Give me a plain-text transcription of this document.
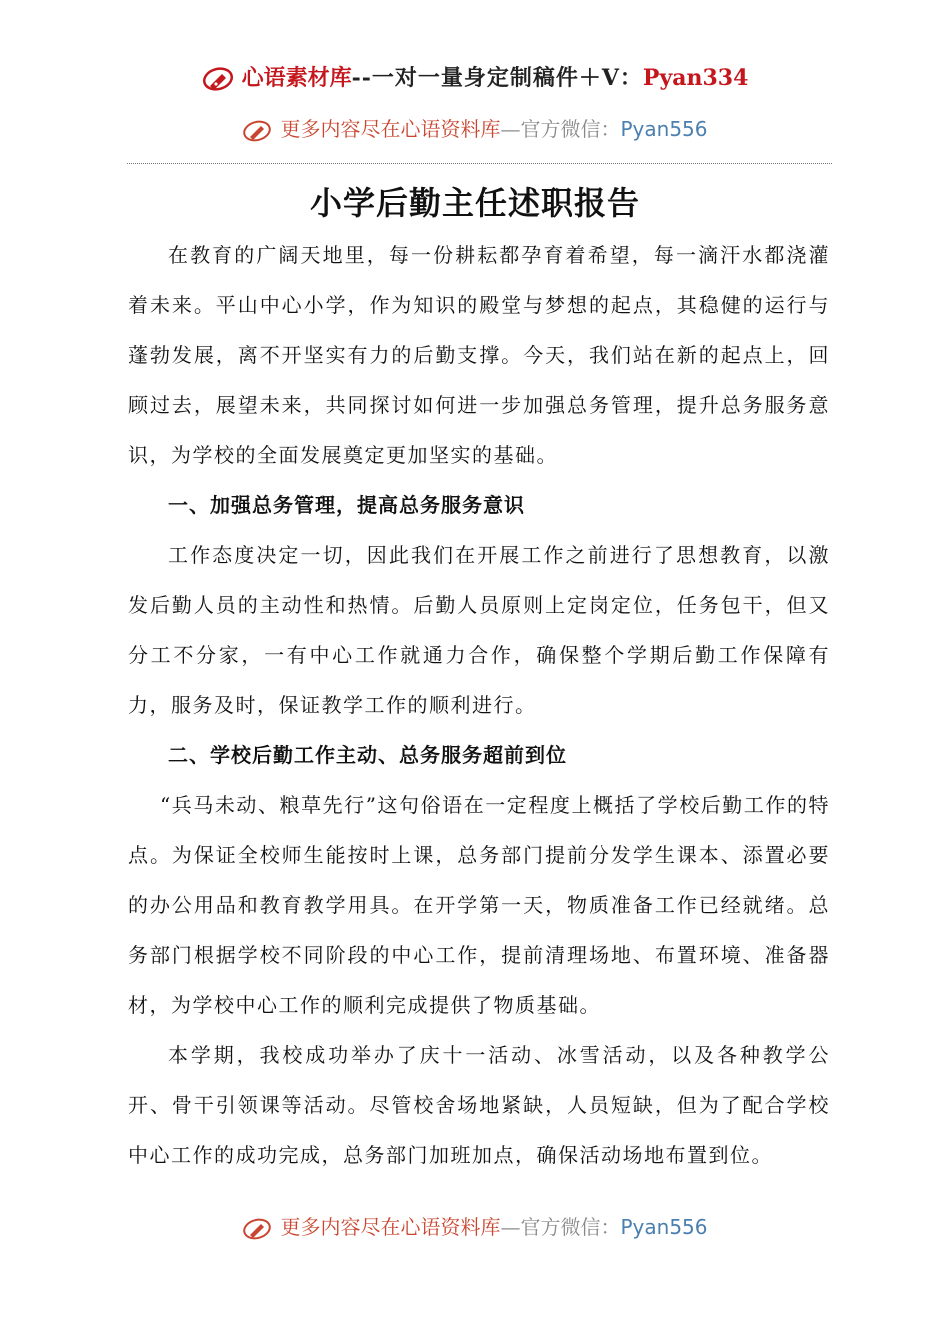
心语素材库--一对一量身定制稿件＋V：Pyan334
更多内容尽在心语资料库—官方微信：Pyan556
小学后勤主任述职报告

在教育的广阔天地里，每一份耕耘都孕育着希望，每一滴汗水都浇灌着未来。平山中心小学，作为知识的殿堂与梦想的起点，其稳健的运行与蓬勃发展，离不开坚实有力的后勤支撑。今天，我们站在新的起点上，回顾过去，展望未来，共同探讨如何进一步加强总务管理，提升总务服务意识，为学校的全面发展奠定更加坚实的基础。

一、加强总务管理，提高总务服务意识

工作态度决定一切，因此我们在开展工作之前进行了思想教育，以激发后勤人员的主动性和热情。后勤人员原则上定岗定位，任务包干，但又分工不分家，一有中心工作就通力合作，确保整个学期后勤工作保障有力，服务及时，保证教学工作的顺利进行。

二、学校后勤工作主动、总务服务超前到位

“兵马未动、粮草先行”这句俗语在一定程度上概括了学校后勤工作的特点。为保证全校师生能按时上课，总务部门提前分发学生课本、添置必要的办公用品和教育教学用具。在开学第一天，物质准备工作已经就绪。总务部门根据学校不同阶段的中心工作，提前清理场地、布置环境、准备器材，为学校中心工作的顺利完成提供了物质基础。

本学期，我校成功举办了庆十一活动、冰雪活动，以及各种教学公开、骨干引领课等活动。尽管校舍场地紧缺，人员短缺，但为了配合学校中心工作的成功完成，总务部门加班加点，确保活动场地布置到位。

更多内容尽在心语资料库—官方微信：Pyan556
